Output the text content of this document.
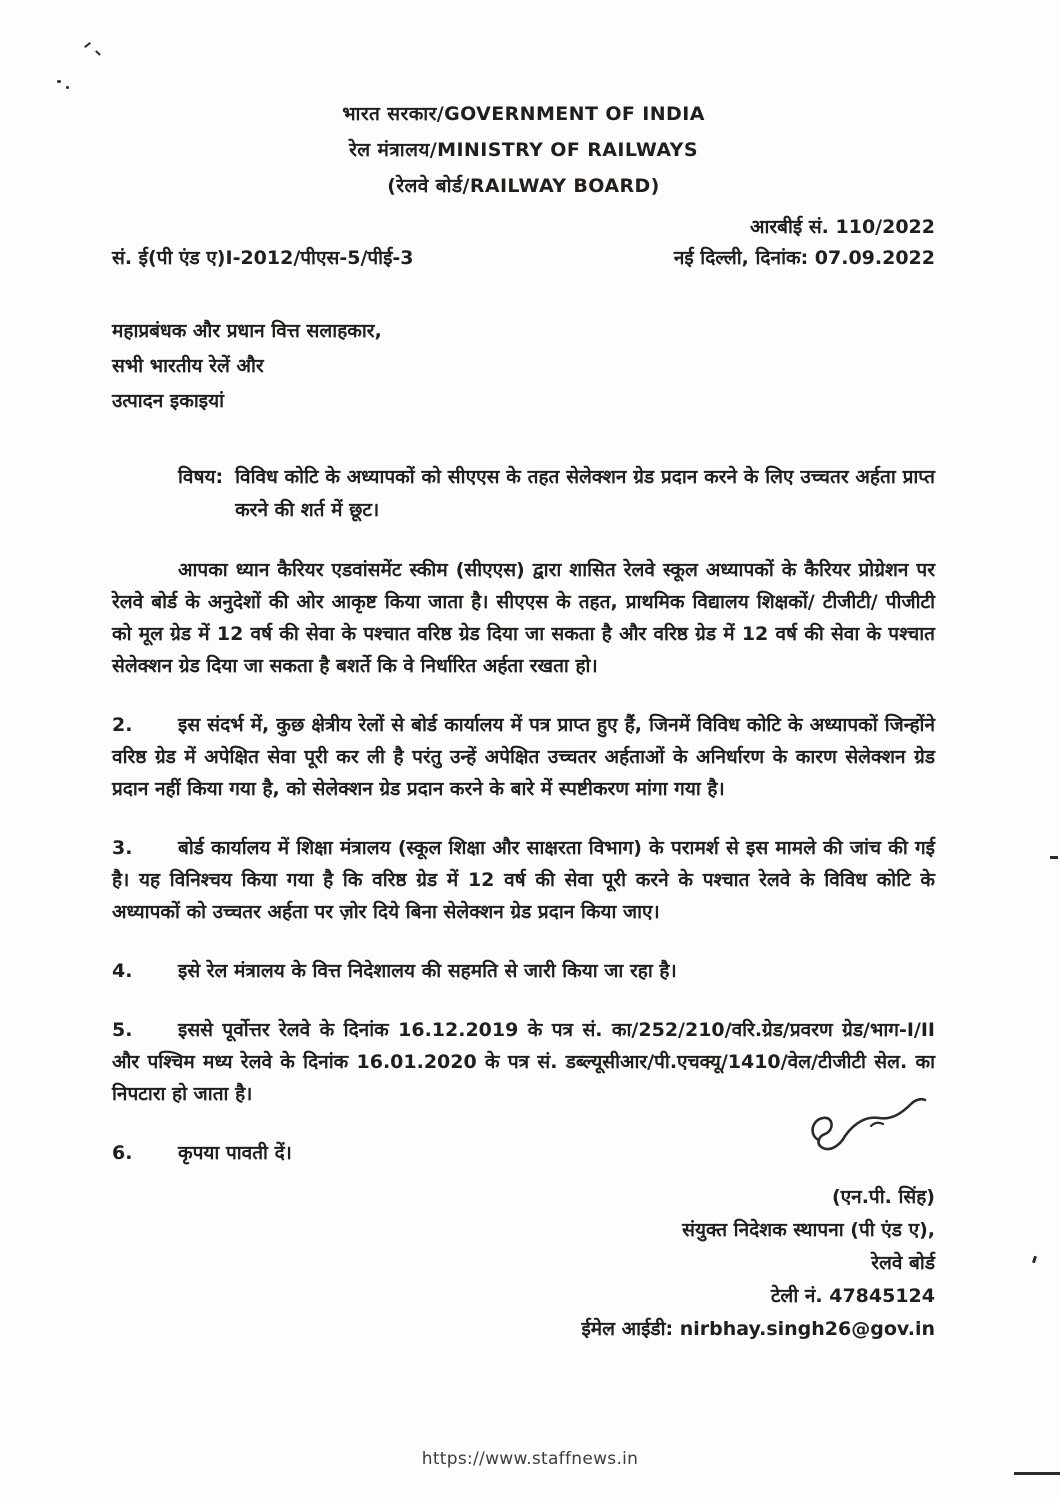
भारत सरकार/GOVERNMENT OF INDIA
रेल मंत्रालय/MINISTRY OF RAILWAYS
(रेलवे बोर्ड/RAILWAY BOARD)
आरबीई सं. 110/2022
सं. ई(पी एंड ए)I-2012/पीएस-5/पीई-3	नई दिल्ली, दिनांक: 07.09.2022
महाप्रबंधक और प्रधान वित्त सलाहकार,
सभी भारतीय रेलें और
उत्पादन इकाइयां
विषय: विविध कोटि के अध्यापकों को सीएएस के तहत सेलेक्शन ग्रेड प्रदान करने के लिए उच्चतर अर्हता प्राप्त करने की शर्त में छूट।

आपका ध्यान कैरियर एडवांसमेंट स्कीम (सीएएस) द्वारा शासित रेलवे स्कूल अध्यापकों के कैरियर प्रोग्रेशन पर रेलवे बोर्ड के अनुदेशों की ओर आकृष्ट किया जाता है। सीएएस के तहत, प्राथमिक विद्यालय शिक्षकों/ टीजीटी/ पीजीटी को मूल ग्रेड में 12 वर्ष की सेवा के पश्चात वरिष्ठ ग्रेड दिया जा सकता है और वरिष्ठ ग्रेड में 12 वर्ष की सेवा के पश्चात सेलेक्शन ग्रेड दिया जा सकता है बशर्ते कि वे निर्धारित अर्हता रखता हो।

2. इस संदर्भ में, कुछ क्षेत्रीय रेलों से बोर्ड कार्यालय में पत्र प्राप्त हुए हैं, जिनमें विविध कोटि के अध्यापकों जिन्होंने वरिष्ठ ग्रेड में अपेक्षित सेवा पूरी कर ली है परंतु उन्हें अपेक्षित उच्चतर अर्हताओं के अनिर्धारण के कारण सेलेक्शन ग्रेड प्रदान नहीं किया गया है, को सेलेक्शन ग्रेड प्रदान करने के बारे में स्पष्टीकरण मांगा गया है।

3. बोर्ड कार्यालय में शिक्षा मंत्रालय (स्कूल शिक्षा और साक्षरता विभाग) के परामर्श से इस मामले की जांच की गई है। यह विनिश्चय किया गया है कि वरिष्ठ ग्रेड में 12 वर्ष की सेवा पूरी करने के पश्चात रेलवे के विविध कोटि के अध्यापकों को उच्चतर अर्हता पर ज़ोर दिये बिना सेलेक्शन ग्रेड प्रदान किया जाए।

4. इसे रेल मंत्रालय के वित्त निदेशालय की सहमति से जारी किया जा रहा है।

5. इससे पूर्वोत्तर रेलवे के दिनांक 16.12.2019 के पत्र सं. का/252/210/वरि.ग्रेड/प्रवरण ग्रेड/भाग-I/II और पश्चिम मध्य रेलवे के दिनांक 16.01.2020 के पत्र सं. डब्ल्यूसीआर/पी.एचक्यू/1410/वेल/टीजीटी सेल. का निपटारा हो जाता है।

6. कृपया पावती दें।

(एन.पी. सिंह)
संयुक्त निदेशक स्थापना (पी एंड ए),
रेलवे बोर्ड
टेली नं. 47845124
ईमेल आईडी: nirbhay.singh26@gov.in
https://www.staffnews.in
